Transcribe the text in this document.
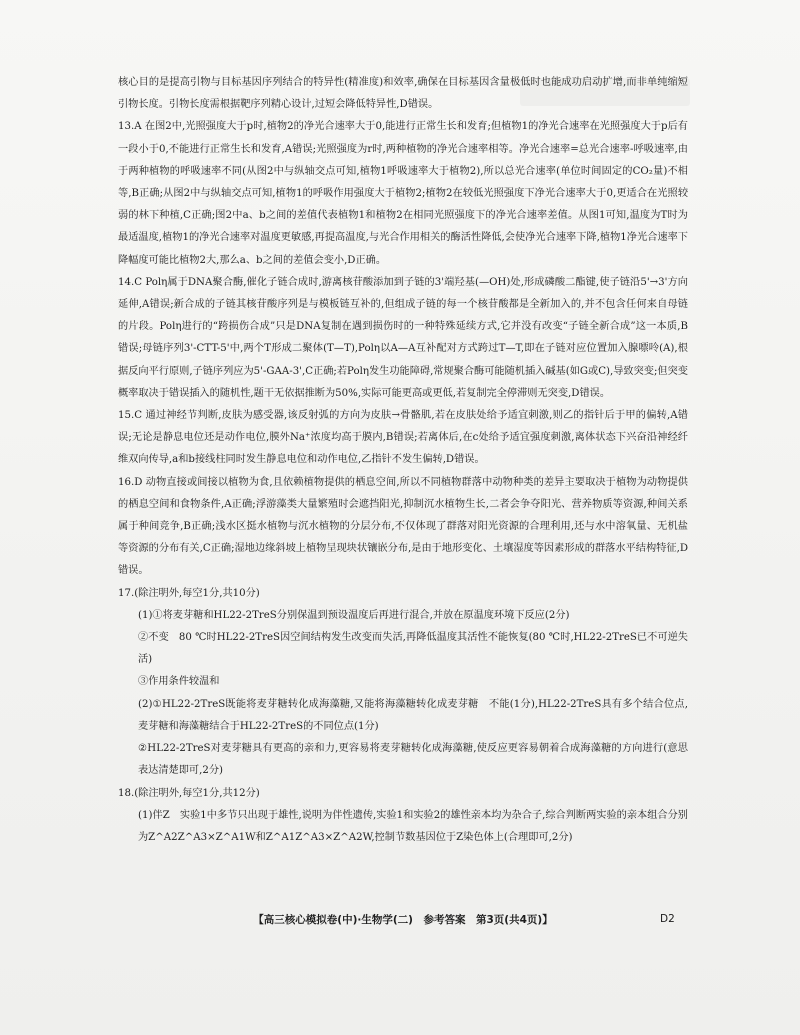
核心目的是提高引物与目标基因序列结合的特异性(精准度)和效率,确保在目标基因含量极低时也能成功启动扩增,而非单纯缩短引物长度。引物长度需根据靶序列精心设计,过短会降低特异性,D错误。

13.A 在图2中,光照强度大于p时,植物2的净光合速率大于0,能进行正常生长和发育;但植物1的净光合速率在光照强度大于p后有一段小于0,不能进行正常生长和发育,A错误;光照强度为r时,两种植物的净光合速率相等。净光合速率=总光合速率-呼吸速率,由于两种植物的呼吸速率不同(从图2中与纵轴交点可知,植物1呼吸速率大于植物2),所以总光合速率(单位时间固定的CO₂量)不相等,B正确;从图2中与纵轴交点可知,植物1的呼吸作用强度大于植物2;植物2在较低光照强度下净光合速率大于0,更适合在光照较弱的林下种植,C正确;图2中a、b之间的差值代表植物1和植物2在相同光照强度下的净光合速率差值。从图1可知,温度为T时为最适温度,植物1的净光合速率对温度更敏感,再提高温度,与光合作用相关的酶活性降低,会使净光合速率下降,植物1净光合速率下降幅度可能比植物2大,那么a、b之间的差值会变小,D正确。

14.C Polη属于DNA聚合酶,催化子链合成时,游离核苷酸添加到子链的3'端羟基(—OH)处,形成磷酸二酯键,使子链沿5'→3'方向延伸,A错误;新合成的子链其核苷酸序列是与模板链互补的,但组成子链的每一个核苷酸都是全新加入的,并不包含任何来自母链的片段。Polη进行的“跨损伤合成”只是DNA复制在遇到损伤时的一种特殊延续方式,它并没有改变“子链全新合成”这一本质,B错误;母链序列3'-CTT-5'中,两个T形成二聚体(T—T),Polη以A—A互补配对方式跨过T—T,即在子链对应位置加入腺嘌呤(A),根据反向平行原则,子链序列应为5'-GAA-3',C正确;若Polη发生功能障碍,常规聚合酶可能随机插入碱基(如G或C),导致突变;但突变概率取决于错误插入的随机性,题干无依据推断为50%,实际可能更高或更低,若复制完全停滞则无突变,D错误。

15.C 通过神经节判断,皮肤为感受器,该反射弧的方向为皮肤→骨骼肌,若在皮肤处给予适宜刺激,则乙的指针后于甲的偏转,A错误;无论是静息电位还是动作电位,膜外Na⁺浓度均高于膜内,B错误;若离体后,在c处给予适宜强度刺激,离体状态下兴奋沿神经纤维双向传导,a和b接线柱同时发生静息电位和动作电位,乙指针不发生偏转,D错误。

16.D 动物直接或间接以植物为食,且依赖植物提供的栖息空间,所以不同植物群落中动物种类的差异主要取决于植物为动物提供的栖息空间和食物条件,A正确;浮游藻类大量繁殖时会遮挡阳光,抑制沉水植物生长,二者会争夺阳光、营养物质等资源,种间关系属于种间竞争,B正确;浅水区挺水植物与沉水植物的分层分布,不仅体现了群落对阳光资源的合理利用,还与水中溶氧量、无机盐等资源的分布有关,C正确;湿地边缘斜坡上植物呈现块状镶嵌分布,是由于地形变化、土壤湿度等因素形成的群落水平结构特征,D错误。

17.(除注明外,每空1分,共10分)

(1)①将麦芽糖和HL22-2TreS分别保温到预设温度后再进行混合,并放在原温度环境下反应(2分)

②不变　80 ℃时HL22-2TreS因空间结构发生改变而失活,再降低温度其活性不能恢复(80 ℃时,HL22-2TreS已不可逆失活)

③作用条件较温和

(2)①HL22-2TreS既能将麦芽糖转化成海藻糖,又能将海藻糖转化成麦芽糖　不能(1分),HL22-2TreS具有多个结合位点,麦芽糖和海藻糖结合于HL22-2TreS的不同位点(1分)

②HL22-2TreS对麦芽糖具有更高的亲和力,更容易将麦芽糖转化成海藻糖,使反应更容易朝着合成海藻糖的方向进行(意思表达清楚即可,2分)

18.(除注明外,每空1分,共12分)

(1)伴Z　实验1中多节只出现于雄性,说明为伴性遗传,实验1和实验2的雄性亲本均为杂合子,综合判断两实验的亲本组合分别为Z^A2Z^A3×Z^A1W和Z^A1Z^A3×Z^A2W,控制节数基因位于Z染色体上(合理即可,2分)

【高三核心模拟卷(中)·生物学(二)　参考答案　第3页(共4页)】	D2
